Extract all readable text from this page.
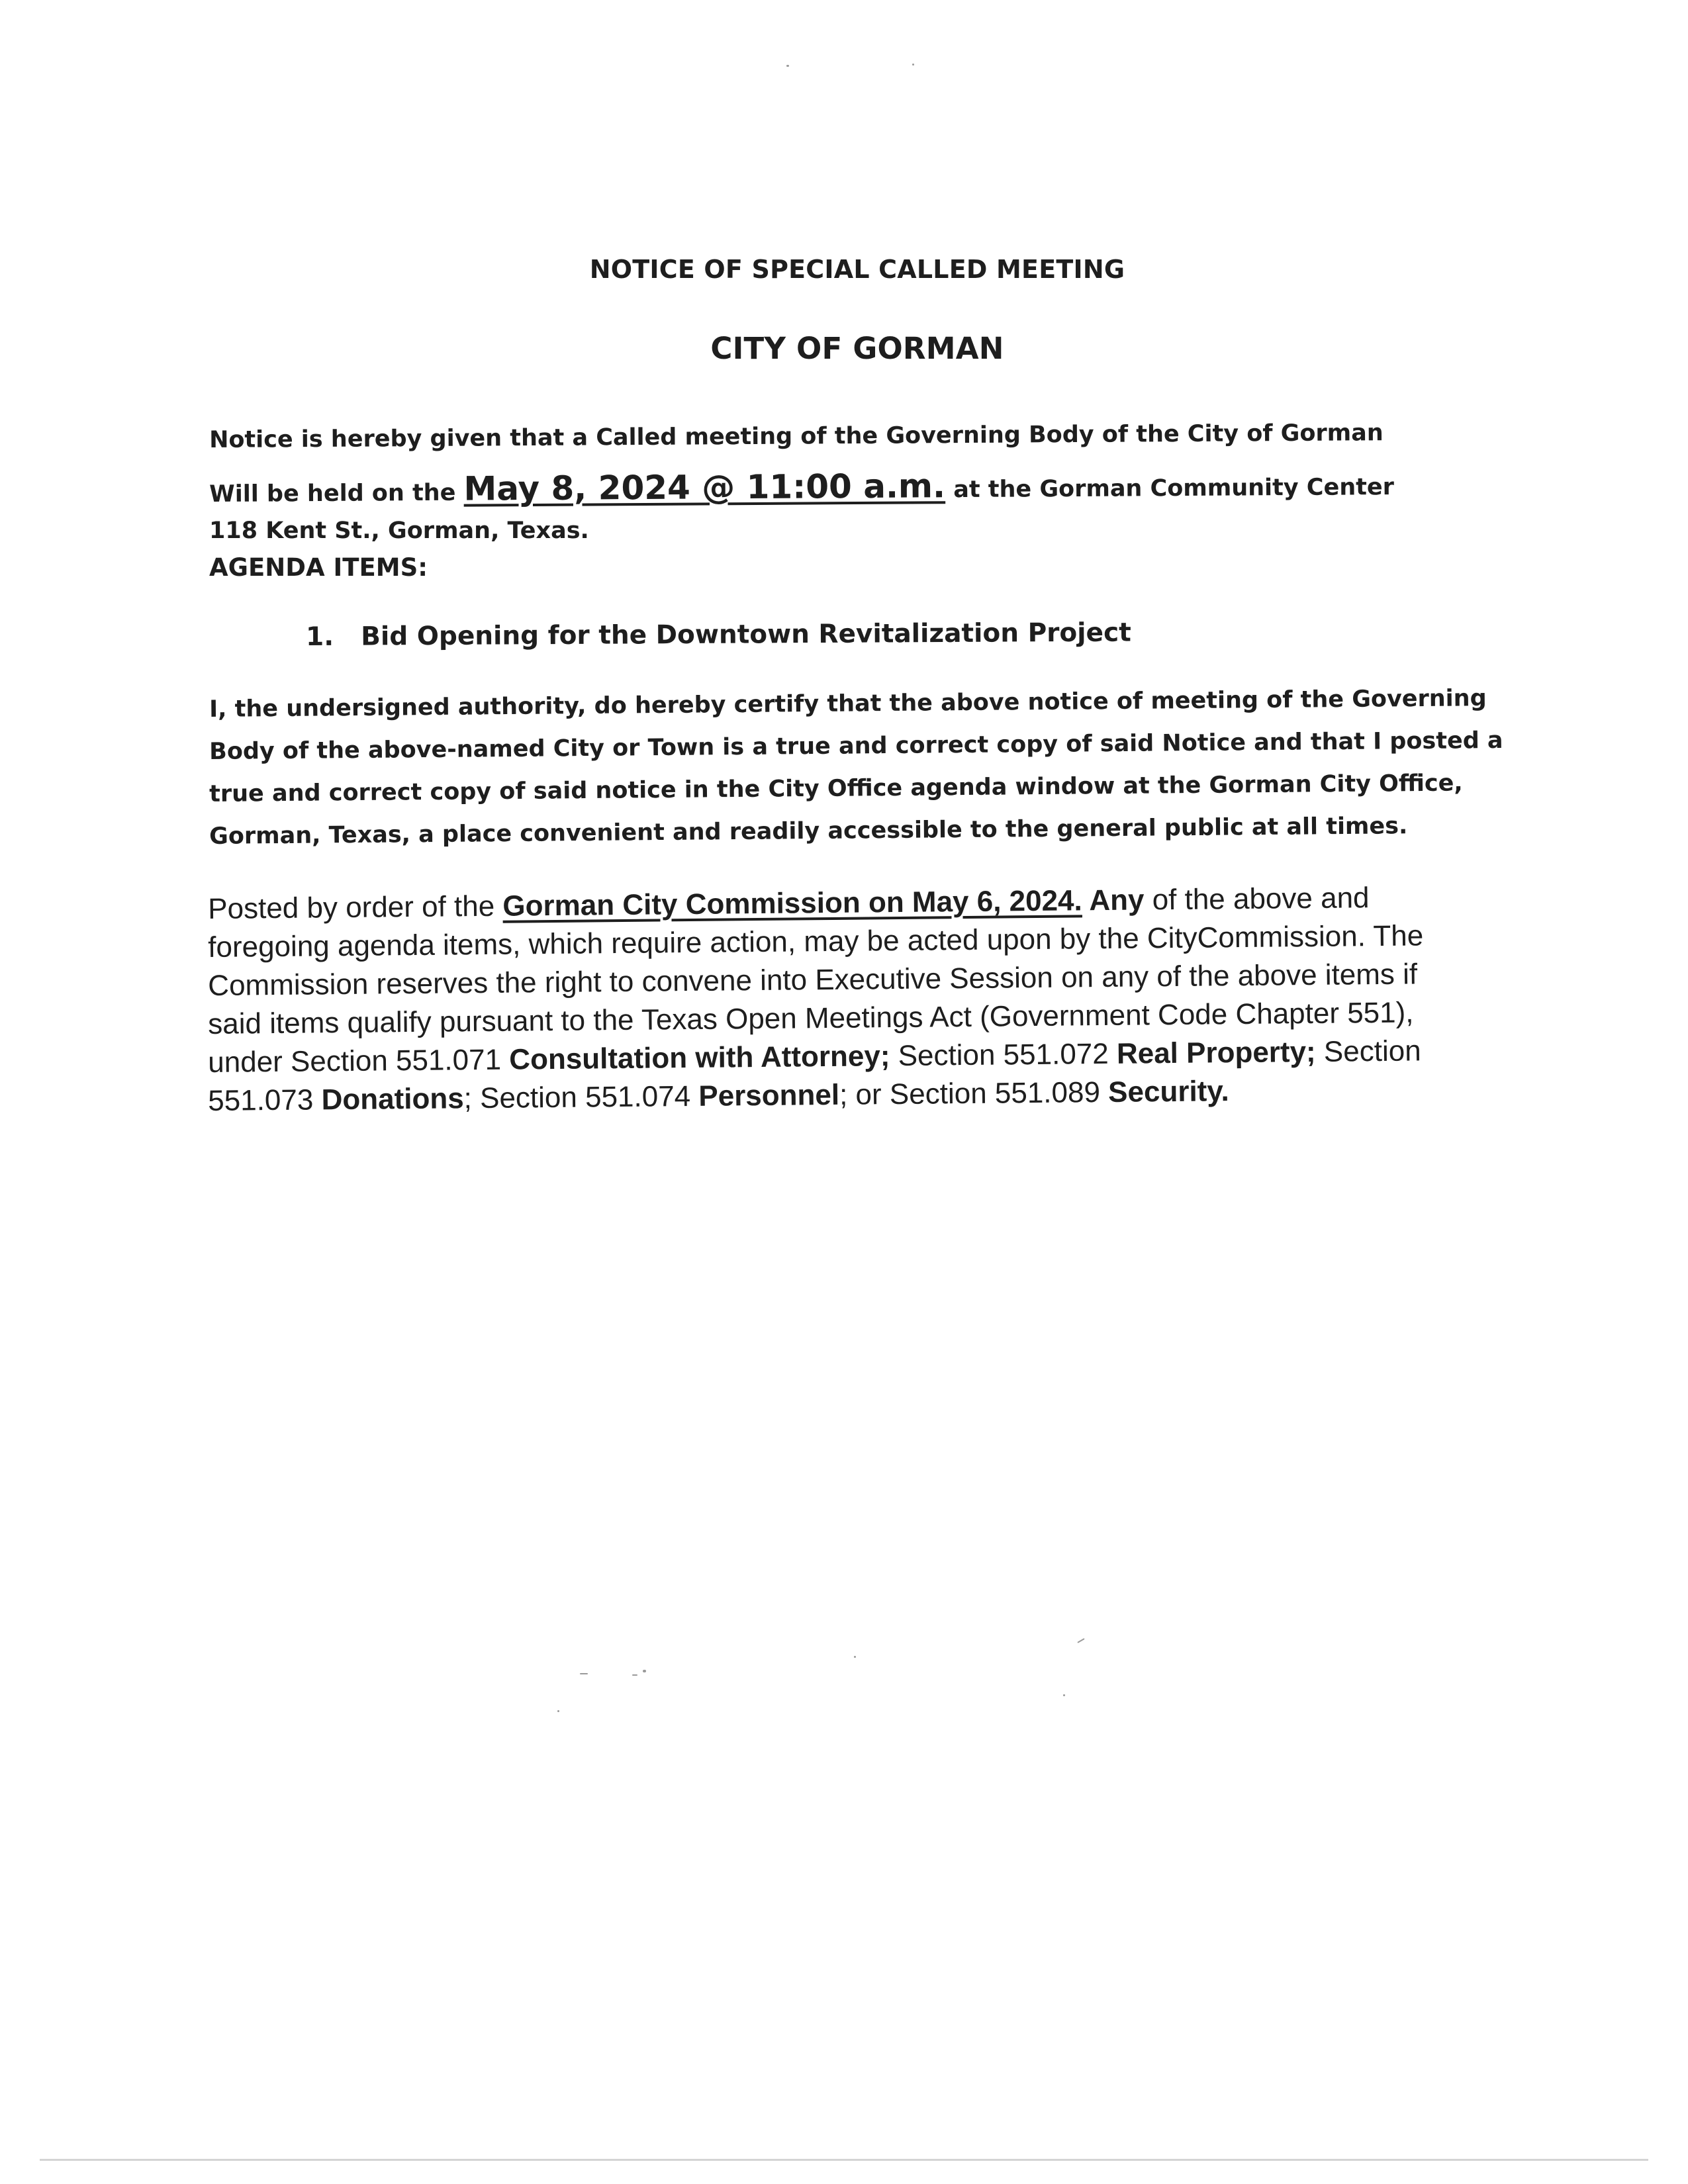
NOTICE OF SPECIAL CALLED MEETING
CITY OF GORMAN
Notice is hereby given that a Called meeting of the Governing Body of the City of Gorman
Will be held on the May 8, 2024 @ 11:00 a.m. at the Gorman Community Center
118 Kent St., Gorman, Texas.
AGENDA ITEMS:
1. Bid Opening for the Downtown Revitalization Project
I, the undersigned authority, do hereby certify that the above notice of meeting of the Governing
Body of the above-named City or Town is a true and correct copy of said Notice and that I posted a
true and correct copy of said notice in the City Office agenda window at the Gorman City Office,
Gorman, Texas, a place convenient and readily accessible to the general public at all times.
Posted by order of the Gorman City Commission on May 6, 2024. Any of the above and
foregoing agenda items, which require action, may be acted upon by the CityCommission. The
Commission reserves the right to convene into Executive Session on any of the above items if
said items qualify pursuant to the Texas Open Meetings Act (Government Code Chapter 551),
under Section 551.071 Consultation with Attorney; Section 551.072 Real Property; Section
551.073 Donations; Section 551.074 Personnel; or Section 551.089 Security.
